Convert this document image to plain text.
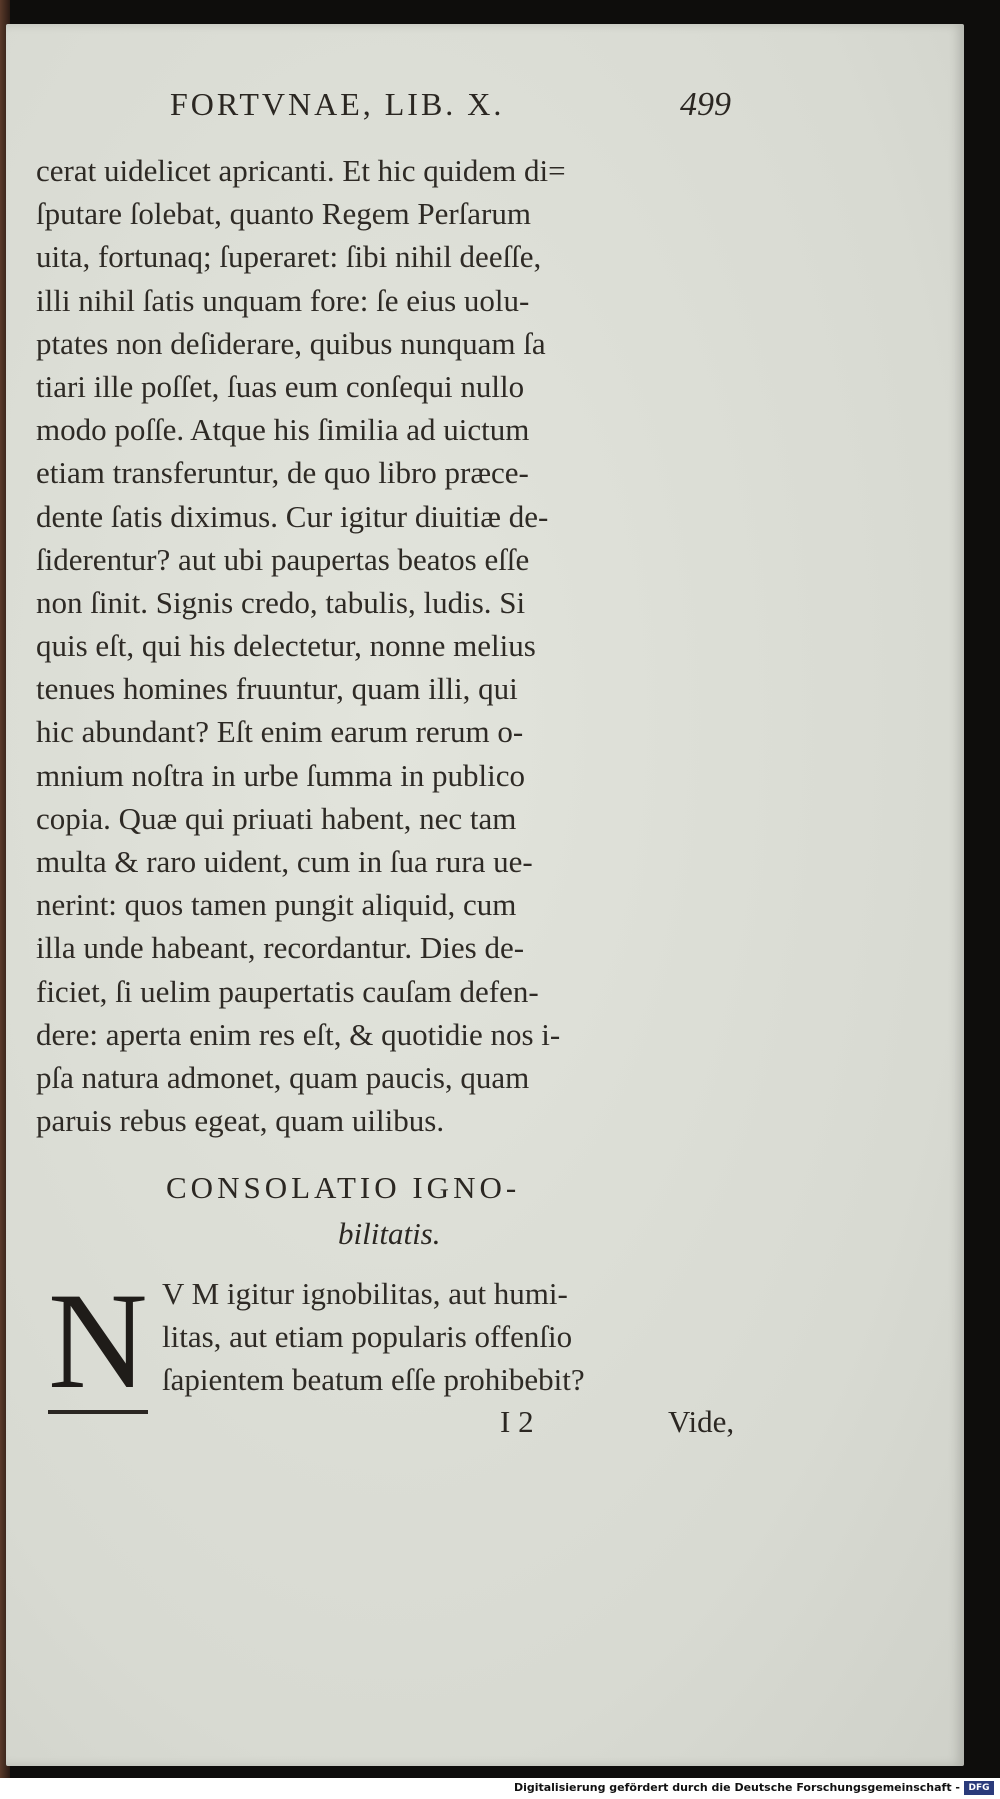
FORTVNAE, LIB. X.	499
cerat uidelicet apricanti. Et hic quidem di=
ſputare ſolebat, quanto Regem Perſarum
uita, fortunaq; ſuperaret: ſibi nihil deeſſe,
illi nihil ſatis unquam fore: ſe eius uolu-
ptates non deſiderare, quibus nunquam ſa
tiari ille poſſet, ſuas eum conſequi nullo
modo poſſe. Atque his ſimilia ad uictum
etiam transferuntur, de quo libro præce-
dente ſatis diximus. Cur igitur diuitiæ de-
ſiderentur? aut ubi paupertas beatos eſſe
non ſinit. Signis credo, tabulis, ludis. Si
quis eſt, qui his delectetur, nonne melius
tenues homines fruuntur, quam illi, qui
hic abundant? Eſt enim earum rerum o-
mnium noſtra in urbe ſumma in publico
copia. Quæ qui priuati habent, nec tam
multa & raro uident, cum in ſua rura ue-
nerint: quos tamen pungit aliquid, cum
illa unde habeant, recordantur. Dies de-
ficiet, ſi uelim paupertatis cauſam defen-
dere: aperta enim res eſt, & quotidie nos i-
pſa natura admonet, quam paucis, quam
paruis rebus egeat, quam uilibus.
CONSOLATIO IGNO-
bilitatis.
N V M igitur ignobilitas, aut humi-
litas, aut etiam popularis offenſio
ſapientem beatum eſſe prohibebit?
I 2	Vide,
Digitalisierung gefördert durch die Deutsche Forschungsgemeinschaft - DFG
